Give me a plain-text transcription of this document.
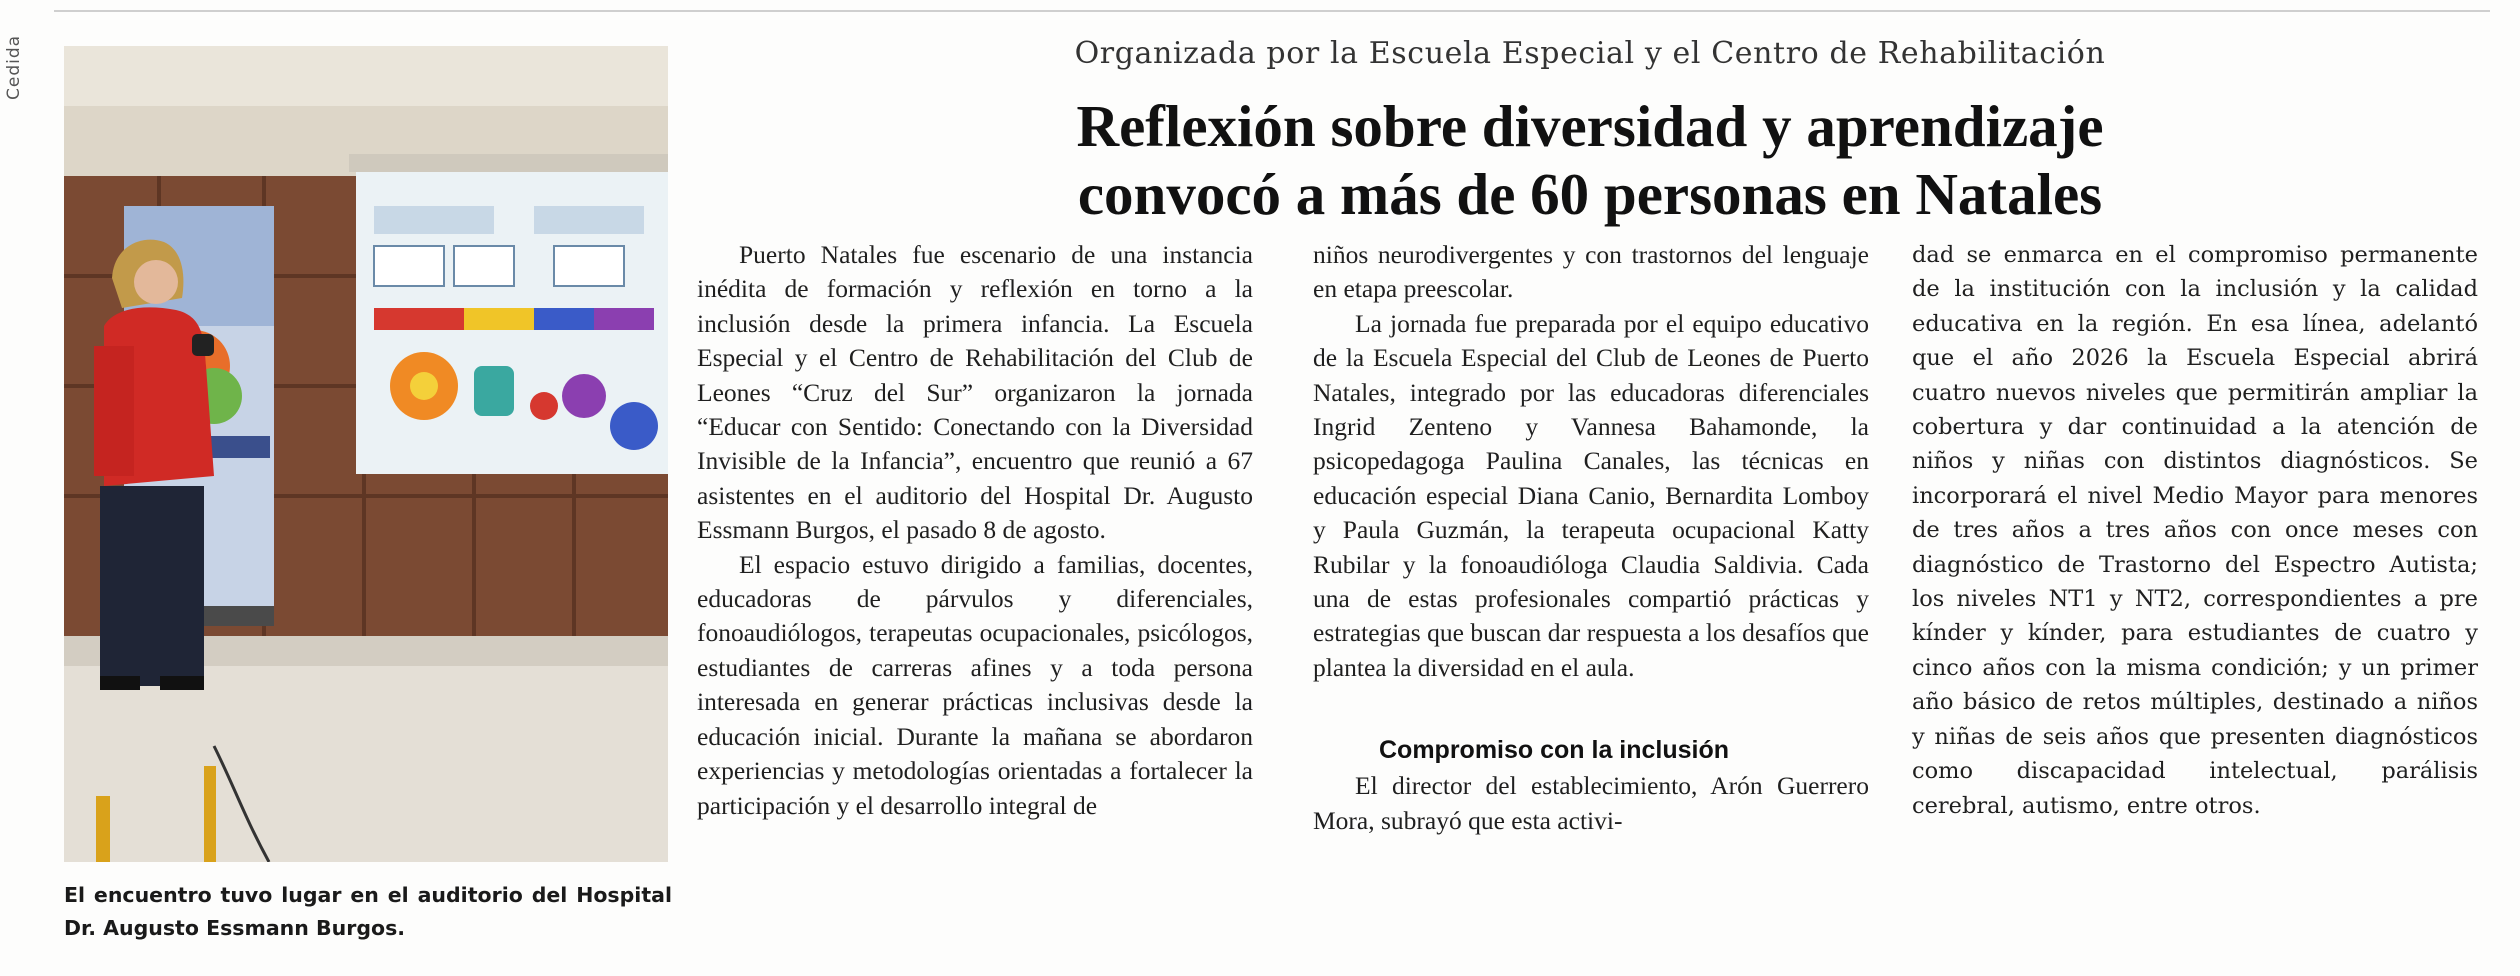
Cedida
El encuentro tuvo lugar en el auditorio del Hospital Dr. Augusto Essmann Burgos.
Organizada por la Escuela Especial y el Centro de Rehabilitación
Reflexión sobre diversidad y aprendizaje
convocó a más de 60 personas en Natales

Puerto Natales fue escenario de una instancia inédita de formación y reflexión en torno a la inclusión desde la primera infancia. La Escuela Especial y el Centro de Rehabilitación del Club de Leones “Cruz del Sur” organizaron la jornada “Educar con Sentido: Conectando con la Diversidad Invisible de la Infancia”, encuentro que reunió a 67 asistentes en el auditorio del Hospital Dr. Augusto Essmann Burgos, el pasado 8 de agosto.

El espacio estuvo dirigido a familias, docentes, educadoras de párvulos y diferenciales, fonoaudiólogos, terapeutas ocupacionales, psicólogos, estudiantes de carreras afines y a toda persona interesada en generar prácticas inclusivas desde la educación inicial. Durante la mañana se abordaron experiencias y metodologías orientadas a fortalecer la participación y el desarrollo integral de

niños neurodivergentes y con trastornos del lenguaje en etapa preescolar.

La jornada fue preparada por el equipo educativo de la Escuela Especial del Club de Leones de Puerto Natales, integrado por las educadoras diferenciales Ingrid Zenteno y Vannesa Bahamonde, la psicopedagoga Paulina Canales, las técnicas en educación especial Diana Canio, Bernardita Lomboy y Paula Guzmán, la terapeuta ocupacional Katty Rubilar y la fonoaudióloga Claudia Saldivia. Cada una de estas profesionales compartió prácticas y estrategias que buscan dar respuesta a los desafíos que plantea la diversidad en el aula.

Compromiso con la inclusión

El director del establecimiento, Arón Guerrero Mora, subrayó que esta activi-

dad se enmarca en el compromiso permanente de la institución con la inclusión y la calidad educativa en la región. En esa línea, adelantó que el año 2026 la Escuela Especial abrirá cuatro nuevos niveles que permitirán ampliar la cobertura y dar continuidad a la atención de niños y niñas con distintos diagnósticos. Se incorporará el nivel Medio Mayor para menores de tres años a tres años con once meses con diagnóstico de Trastorno del Espectro Autista; los niveles NT1 y NT2, correspondientes a pre kínder y kínder, para estudiantes de cuatro y cinco años con la misma condición; y un primer año básico de retos múltiples, destinado a niños y niñas de seis años que presenten diagnósticos como discapacidad intelectual, parálisis cerebral, autismo, entre otros.
